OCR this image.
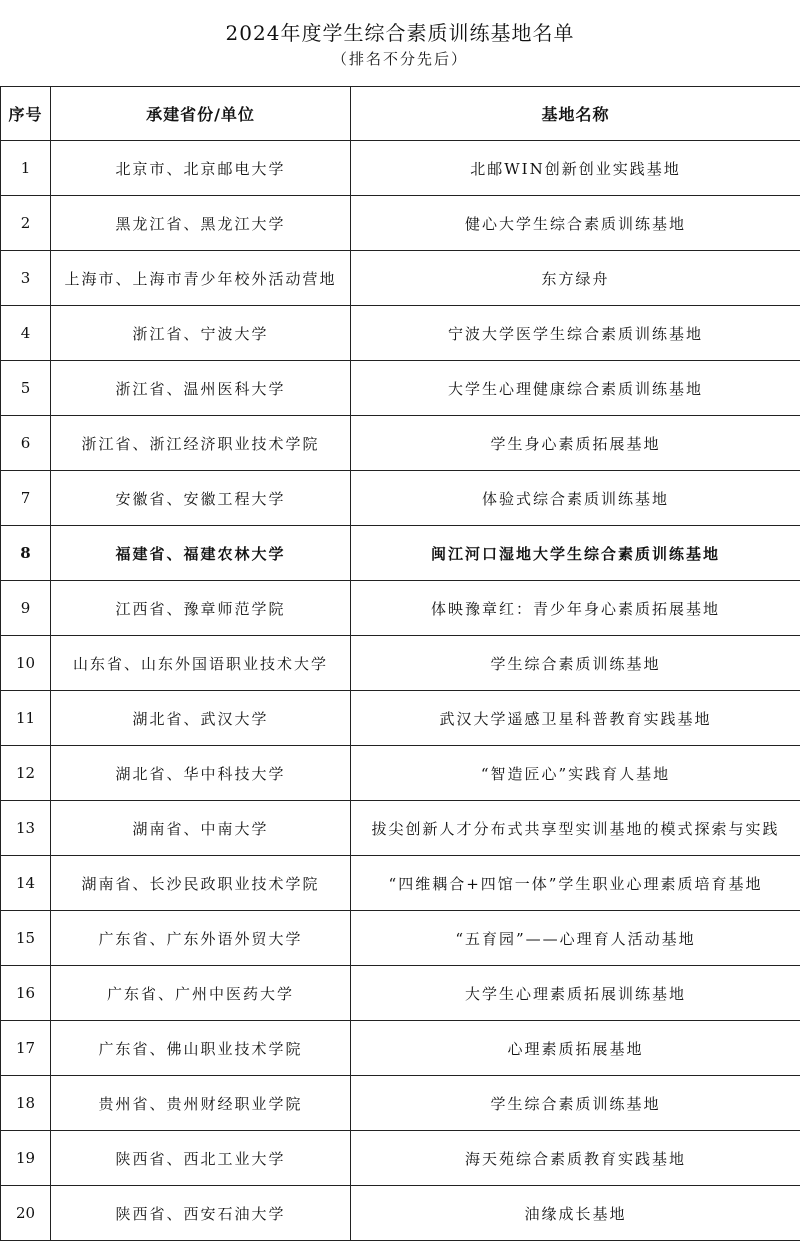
2024年度学生综合素质训练基地名单
（排名不分先后）
序号	承建省份/单位	基地名称
1	北京市、北京邮电大学	北邮WIN创新创业实践基地
2	黑龙江省、黑龙江大学	健心大学生综合素质训练基地
3	上海市、上海市青少年校外活动营地	东方绿舟
4	浙江省、宁波大学	宁波大学医学生综合素质训练基地
5	浙江省、温州医科大学	大学生心理健康综合素质训练基地
6	浙江省、浙江经济职业技术学院	学生身心素质拓展基地
7	安徽省、安徽工程大学	体验式综合素质训练基地
8	福建省、福建农林大学	闽江河口湿地大学生综合素质训练基地
9	江西省、豫章师范学院	体映豫章红：青少年身心素质拓展基地
10	山东省、山东外国语职业技术大学	学生综合素质训练基地
11	湖北省、武汉大学	武汉大学遥感卫星科普教育实践基地
12	湖北省、华中科技大学	“智造匠心”实践育人基地
13	湖南省、中南大学	拔尖创新人才分布式共享型实训基地的模式探索与实践
14	湖南省、长沙民政职业技术学院	“四维耦合+四馆一体”学生职业心理素质培育基地
15	广东省、广东外语外贸大学	“五育园”——心理育人活动基地
16	广东省、广州中医药大学	大学生心理素质拓展训练基地
17	广东省、佛山职业技术学院	心理素质拓展基地
18	贵州省、贵州财经职业学院	学生综合素质训练基地
19	陕西省、西北工业大学	海天苑综合素质教育实践基地
20	陕西省、西安石油大学	油缘成长基地
